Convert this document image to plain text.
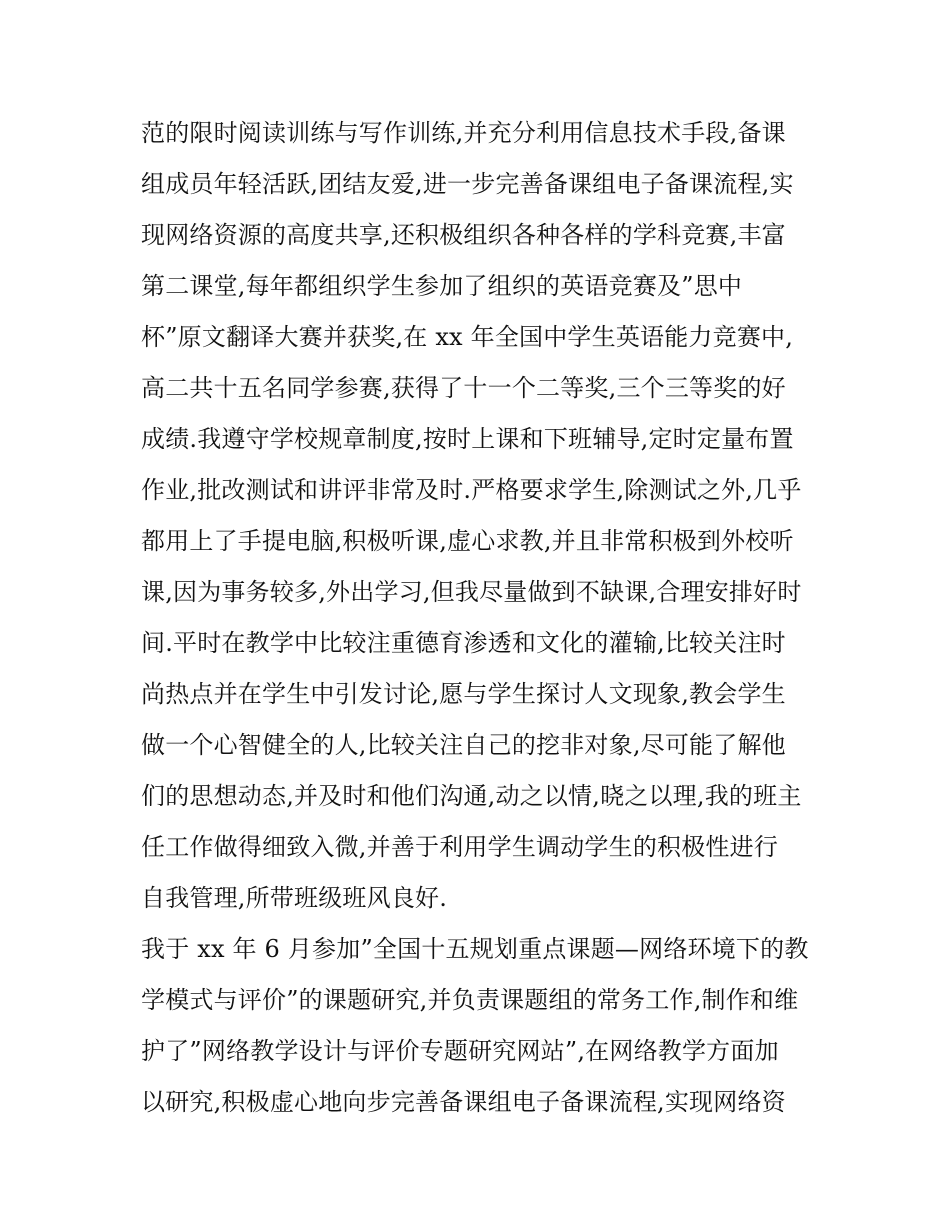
范的限时阅读训练与写作训练,并充分利用信息技术手段,备课
组成员年轻活跃,团结友爱,进一步完善备课组电子备课流程,实
现网络资源的高度共享,还积极组织各种各样的学科竞赛,丰富
第二课堂,每年都组织学生参加了组织的英语竞赛及”思中
杯”原文翻译大赛并获奖,在 xx 年全国中学生英语能力竞赛中,
高二共十五名同学参赛,获得了十一个二等奖,三个三等奖的好
成绩.我遵守学校规章制度,按时上课和下班辅导,定时定量布置
作业,批改测试和讲评非常及时.严格要求学生,除测试之外,几乎
都用上了手提电脑,积极听课,虚心求教,并且非常积极到外校听
课,因为事务较多,外出学习,但我尽量做到不缺课,合理安排好时
间.平时在教学中比较注重德育渗透和文化的灌输,比较关注时
尚热点并在学生中引发讨论,愿与学生探讨人文现象,教会学生
做一个心智健全的人,比较关注自己的挖非对象,尽可能了解他
们的思想动态,并及时和他们沟通,动之以情,晓之以理,我的班主
任工作做得细致入微,并善于利用学生调动学生的积极性进行
自我管理,所带班级班风良好.
我于 xx 年 6 月参加”全国十五规划重点课题—网络环境下的教
学模式与评价”的课题研究,并负责课题组的常务工作,制作和维
护了”网络教学设计与评价专题研究网站”,在网络教学方面加
以研究,积极虚心地向步完善备课组电子备课流程,实现网络资
